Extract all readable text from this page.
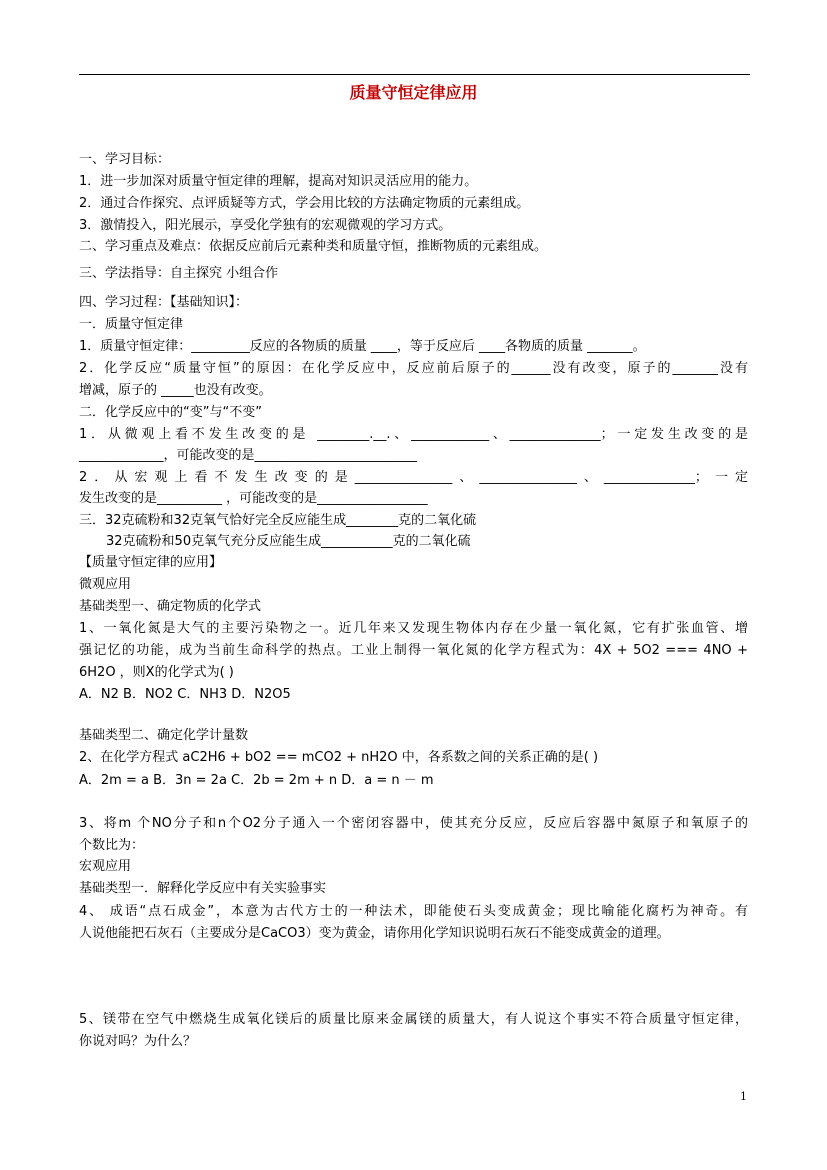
质量守恒定律应用
一、学习目标：
1．进一步加深对质量守恒定律的理解，提高对知识灵活应用的能力。
2．通过合作探究、点评质疑等方式，学会用比较的方法确定物质的元素组成。
3．激情投入，阳光展示，享受化学独有的宏观微观的学习方式。
二、学习重点及难点：依据反应前后元素种类和质量守恒，推断物质的元素组成。
三、学法指导：自主探究 小组合作
四、学习过程：【基础知识】：
一．质量守恒定律
1．质量守恒定律：_________反应的各物质的质量 ____，等于反应后 ____各物质的质量 _______。
2．化学反应“质量守恒”的原因：在化学反应中，反应前后原子的______没有改变，原子的_______没有
增减，原子的 _____也没有改变。
二．化学反应中的“变”与“不变”
1．从微观上看不发生改变的是 ________.__.、____________、______________；一定发生改变的是
_____________，可能改变的是_________________________
2．从宏观上看不发生改变的是_______________、_______________、______________；一定
发生改变的是__________ ，可能改变的是_________________
三．32克硫粉和32克氧气恰好完全反应能生成________克的二氧化硫
32克硫粉和50克氧气充分反应能生成___________克的二氧化硫
【质量守恒定律的应用】
微观应用
基础类型一、确定物质的化学式
1、一氧化氮是大气的主要污染物之一。近几年来又发现生物体内存在少量一氧化氮，它有扩张血管、增
强记忆的功能，成为当前生命科学的热点。工业上制得一氧化氮的化学方程式为：4X + 5O2 === 4NO +
6H2O ，则X的化学式为( )
A．N2 B．NO2 C．NH3 D．N2O5
基础类型二、确定化学计量数
2、在化学方程式 aC2H6 + bO2 == mCO2 + nH2O 中，各系数之间的关系正确的是( )
A．2m = a B．3n = 2a C．2b = 2m + n D．a = n － m
3、将m 个NO分子和n个O2分子通入一个密闭容器中，使其充分反应，反应后容器中氮原子和氧原子的
个数比为：
宏观应用
基础类型一．解释化学反应中有关实验事实
4、 成语“点石成金”，本意为古代方士的一种法术，即能使石头变成黄金；现比喻能化腐朽为神奇。有
人说他能把石灰石（主要成分是CaCO3）变为黄金，请你用化学知识说明石灰石不能变成黄金的道理。
5、镁带在空气中燃烧生成氧化镁后的质量比原来金属镁的质量大，有人说这个事实不符合质量守恒定律，
你说对吗？为什么？
1
